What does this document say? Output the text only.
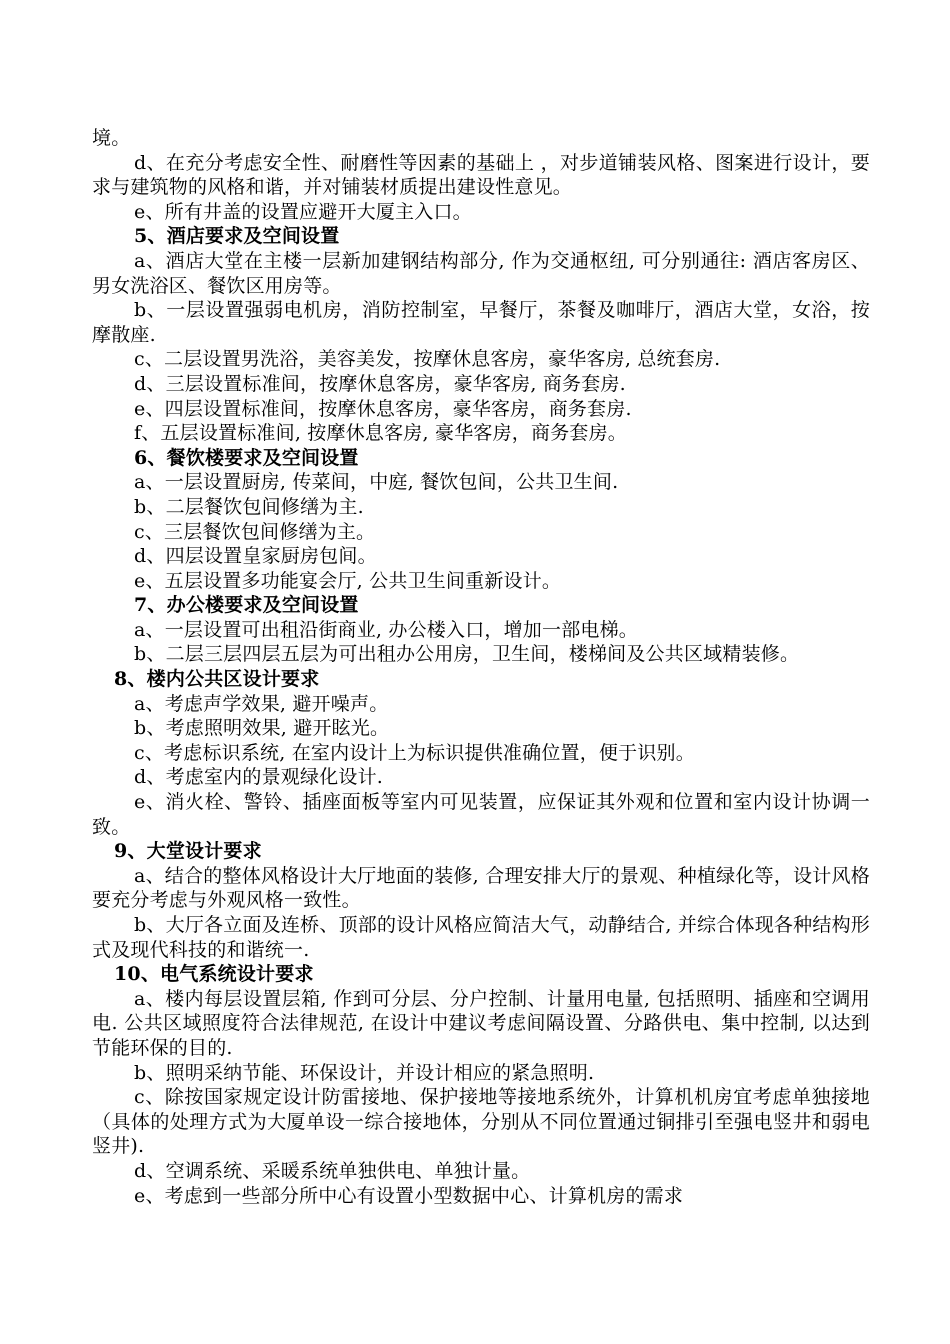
境。

d、在充分考虑安全性、耐磨性等因素的基础上 ，对步道铺装风格、图案进行设计，要求与建筑物的风格和谐，并对铺装材质提出建设性意见。

e、所有井盖的设置应避开大厦主入口。

5、酒店要求及空间设置

a、酒店大堂在主楼一层新加建钢结构部分, 作为交通枢纽, 可分别通往: 酒店客房区、男女洗浴区、餐饮区用房等。

b、一层设置强弱电机房，消防控制室，早餐厅，茶餐及咖啡厅，酒店大堂，女浴，按摩散座.

c、二层设置男洗浴，美容美发，按摩休息客房，豪华客房, 总统套房.

d、三层设置标准间，按摩休息客房，豪华客房, 商务套房.

e、四层设置标准间，按摩休息客房，豪华客房，商务套房.

f、五层设置标准间, 按摩休息客房, 豪华客房，商务套房。

6、餐饮楼要求及空间设置

a、一层设置厨房, 传菜间，中庭, 餐饮包间，公共卫生间.

b、二层餐饮包间修缮为主.

c、三层餐饮包间修缮为主。

d、四层设置皇家厨房包间。

e、五层设置多功能宴会厅, 公共卫生间重新设计。

7、办公楼要求及空间设置

a、一层设置可出租沿街商业, 办公楼入口，增加一部电梯。

b、二层三层四层五层为可出租办公用房，卫生间，楼梯间及公共区域精装修。

8、楼内公共区设计要求

a、考虑声学效果, 避开噪声。

b、考虑照明效果, 避开眩光。

c、考虑标识系统, 在室内设计上为标识提供准确位置，便于识别。

d、考虑室内的景观绿化设计.

e、消火栓、警铃、插座面板等室内可见装置，应保证其外观和位置和室内设计协调一致。

9、大堂设计要求

a、结合的整体风格设计大厅地面的装修, 合理安排大厅的景观、种植绿化等，设计风格要充分考虑与外观风格一致性。

b、大厅各立面及连桥、顶部的设计风格应简洁大气，动静结合, 并综合体现各种结构形式及现代科技的和谐统一.

10、电气系统设计要求

a、楼内每层设置层箱, 作到可分层、分户控制、计量用电量, 包括照明、插座和空调用电. 公共区域照度符合法律规范, 在设计中建议考虑间隔设置、分路供电、集中控制, 以达到节能环保的目的.

b、照明采纳节能、环保设计，并设计相应的紧急照明.

c、除按国家规定设计防雷接地、保护接地等接地系统外，计算机机房宜考虑单独接地（具体的处理方式为大厦单设一综合接地体，分别从不同位置通过铜排引至强电竖井和弱电竖井).

d、空调系统、采暖系统单独供电、单独计量。

e、考虑到一些部分所中心有设置小型数据中心、计算机房的需求
